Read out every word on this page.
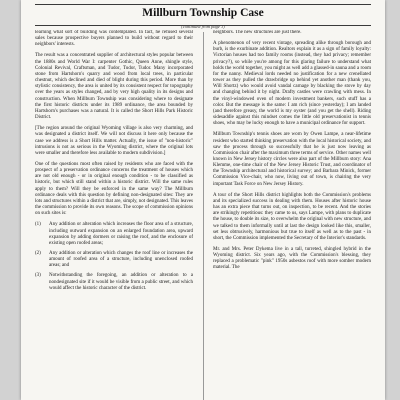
Millburn Township Case
(continued from page 1)

learning what sort of building was contemplated. In fact, he refused several sales because prospective buyers planned to build without regard to their neighbors' interests.

The result was a concentrated supplier of architectural styles popular between the 1880s and World War I: carpenter Gothic, Queen Anne, shingle style, Colonial Revival, Craftsman, and Tudor, Tudor, Tudor. Many incorporated stone from Hartshorn's quarry and wood from local trees, in particular chestnut, which declined and died of blight during this period. More than by stylistic consistency, the area is united by its consistent respect for topography over the years as styles changed, and by very high quality in its designs and construction. When Millburn Township was considering where to designate the first historic districts under its 1989 ordinance, the area bounded by Hartshorn's purchases was a natural. It is called the Short Hills Park Historic District.

[The region around the original Wyoming village is also very charming, and was designated a district itself. We will not discuss it here only because the case we address is a Short Hills matter. Actually, the issue of "non-historic" intrusions is not as serious in the Wyoming district, where the original lots were smaller and therefore less available to modern subdivision.]

One of the questions most often raised by residents who are faced with the prospect of a preservation ordinance concerns the treatment of houses which are not old enough - or in original enough condition - to be classified as historic, but which still stand within a historic district. Will the same rules apply to them? Will they be enforced in the same way? The Millburn ordinance deals with this question by defining non-designated sites: They are lots and structures within a district that are, simply, not designated. This leaves the commission to provide its own reasons. The scope of commission opinions on such sites is:

(1)	Any addition or alteration which increases the floor area of a structure, including outward expansion on an enlarged foundation area, upward expansion by adding dormers or raising the roof, and the enclosure of existing open roofed areas;
(2)	Any addition or alteration which changes the roof line or increases the amount of roofed area of a structure, including unenclosed roofed areas; and
(3)	Notwithstanding the foregoing, an addition or alteration to a nondesignated site if it would be visible from a public street, and which would affect the historic character of the district.

neighbors. The new structures are just there.

A phenomenon of very recent vintage, spreading alike through borough and burb, is the exurbinate addition. Realtors explain it as a sign of family loyalty: Victorian houses had too family rooms (instead, they had privacy; remember privacy?), so while you're among for this glaring failure to understand what holds the world together, you might as well add a glassed-in sauna and a room for the nanny. Medieval lords needed no justification for a new crenellated tower as they pulled the drawbridge up behind yet another man (thank you, Will Shortz) who would avoid vandal carnage by blacking the stove by day and changing behind it by night. Drafty castles were crawling with mess. In the vinyl-windowed oven of modern investment bankers, such stuff has a color. But the message is the same: I am rich (since yesterday); I am landed (and therefore greasy, the world is my oyster (and you get the shell). Riding sidesaddle against this mindset comes the little old preservationist in tennis shoes, who may be lucky enough to have a municipal ordinance for support.

Millburn Township's tennis shoes are worn by Owen Lampe, a near-lifetime resident who started thinking preservation with the local historical society, and saw the process through so successfully that he is just now leaving as Commission chair after the maximum three terms of service. Other names well known in New Jersey history circles were also part of the Millburn story: Ana Klemme, one-time chair of the New Jersey Historic Trust, and coordinator of the Township architectural and historical survey; and Barbara Minick, former Commission Vice-chair, who now, living out of town, is chairing the very important Task Force on New Jersey History.

A tour of the Short Hills district highlights both the Commission's problems and its specialized success in dealing with them. Houses after historic house has an extra piece that turns out, on inspection, to be recent. And the stories are strikingly repetitious: they came to us, says Lampe, with plans to duplicate the house, to double its size, to overwhelm the original with new structure, and we talked to them informally until at last the design looked like this, smaller, set less obtrusively, harmonious but true to itself as well as to the past - in short, the Commission implemented the Secretary of the Interior's standards.

Mr. and Mrs. Peter Dykema live in a tall, turreted, shingled hybrid in the Wyoming district. Six years ago, with the Commission's blessing, they replaced a problematic "pink" 1950s asbestos roof with more somber modern material. The
